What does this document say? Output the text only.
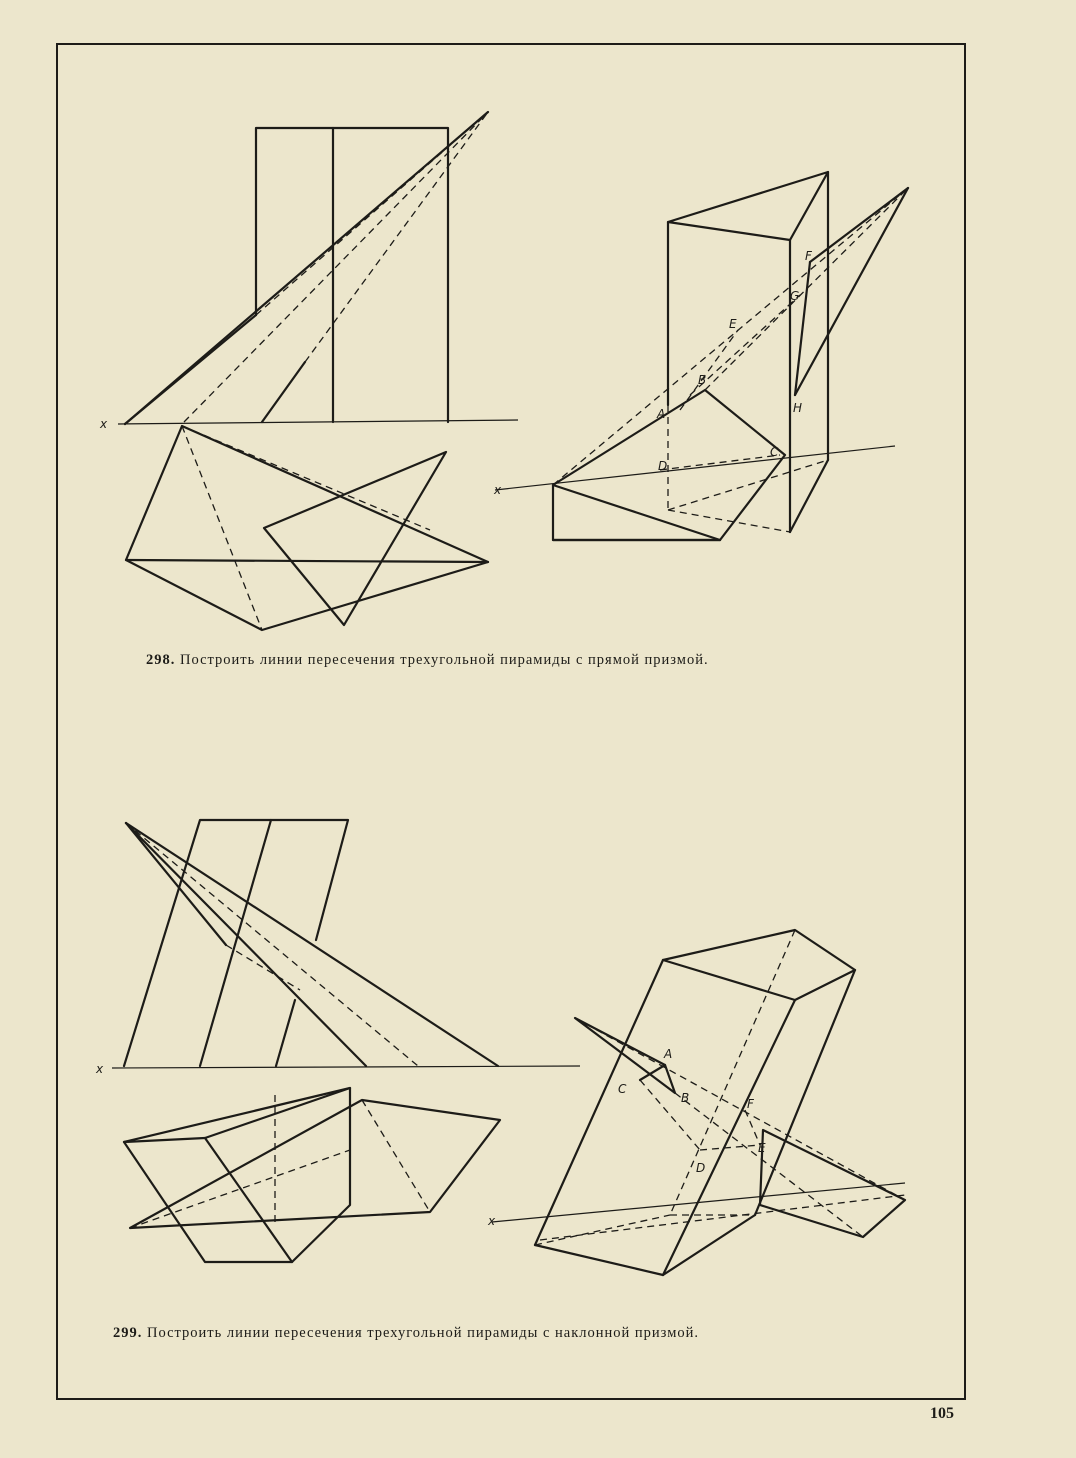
x
x
A
B
C
D
E
F
G
H
x
x
A
B
C
D
E
F
298. Построить линии пересечения трехугольной пирамиды с прямой призмой.
299. Построить линии пересечения трехугольной пирамиды с наклонной призмой.
105
